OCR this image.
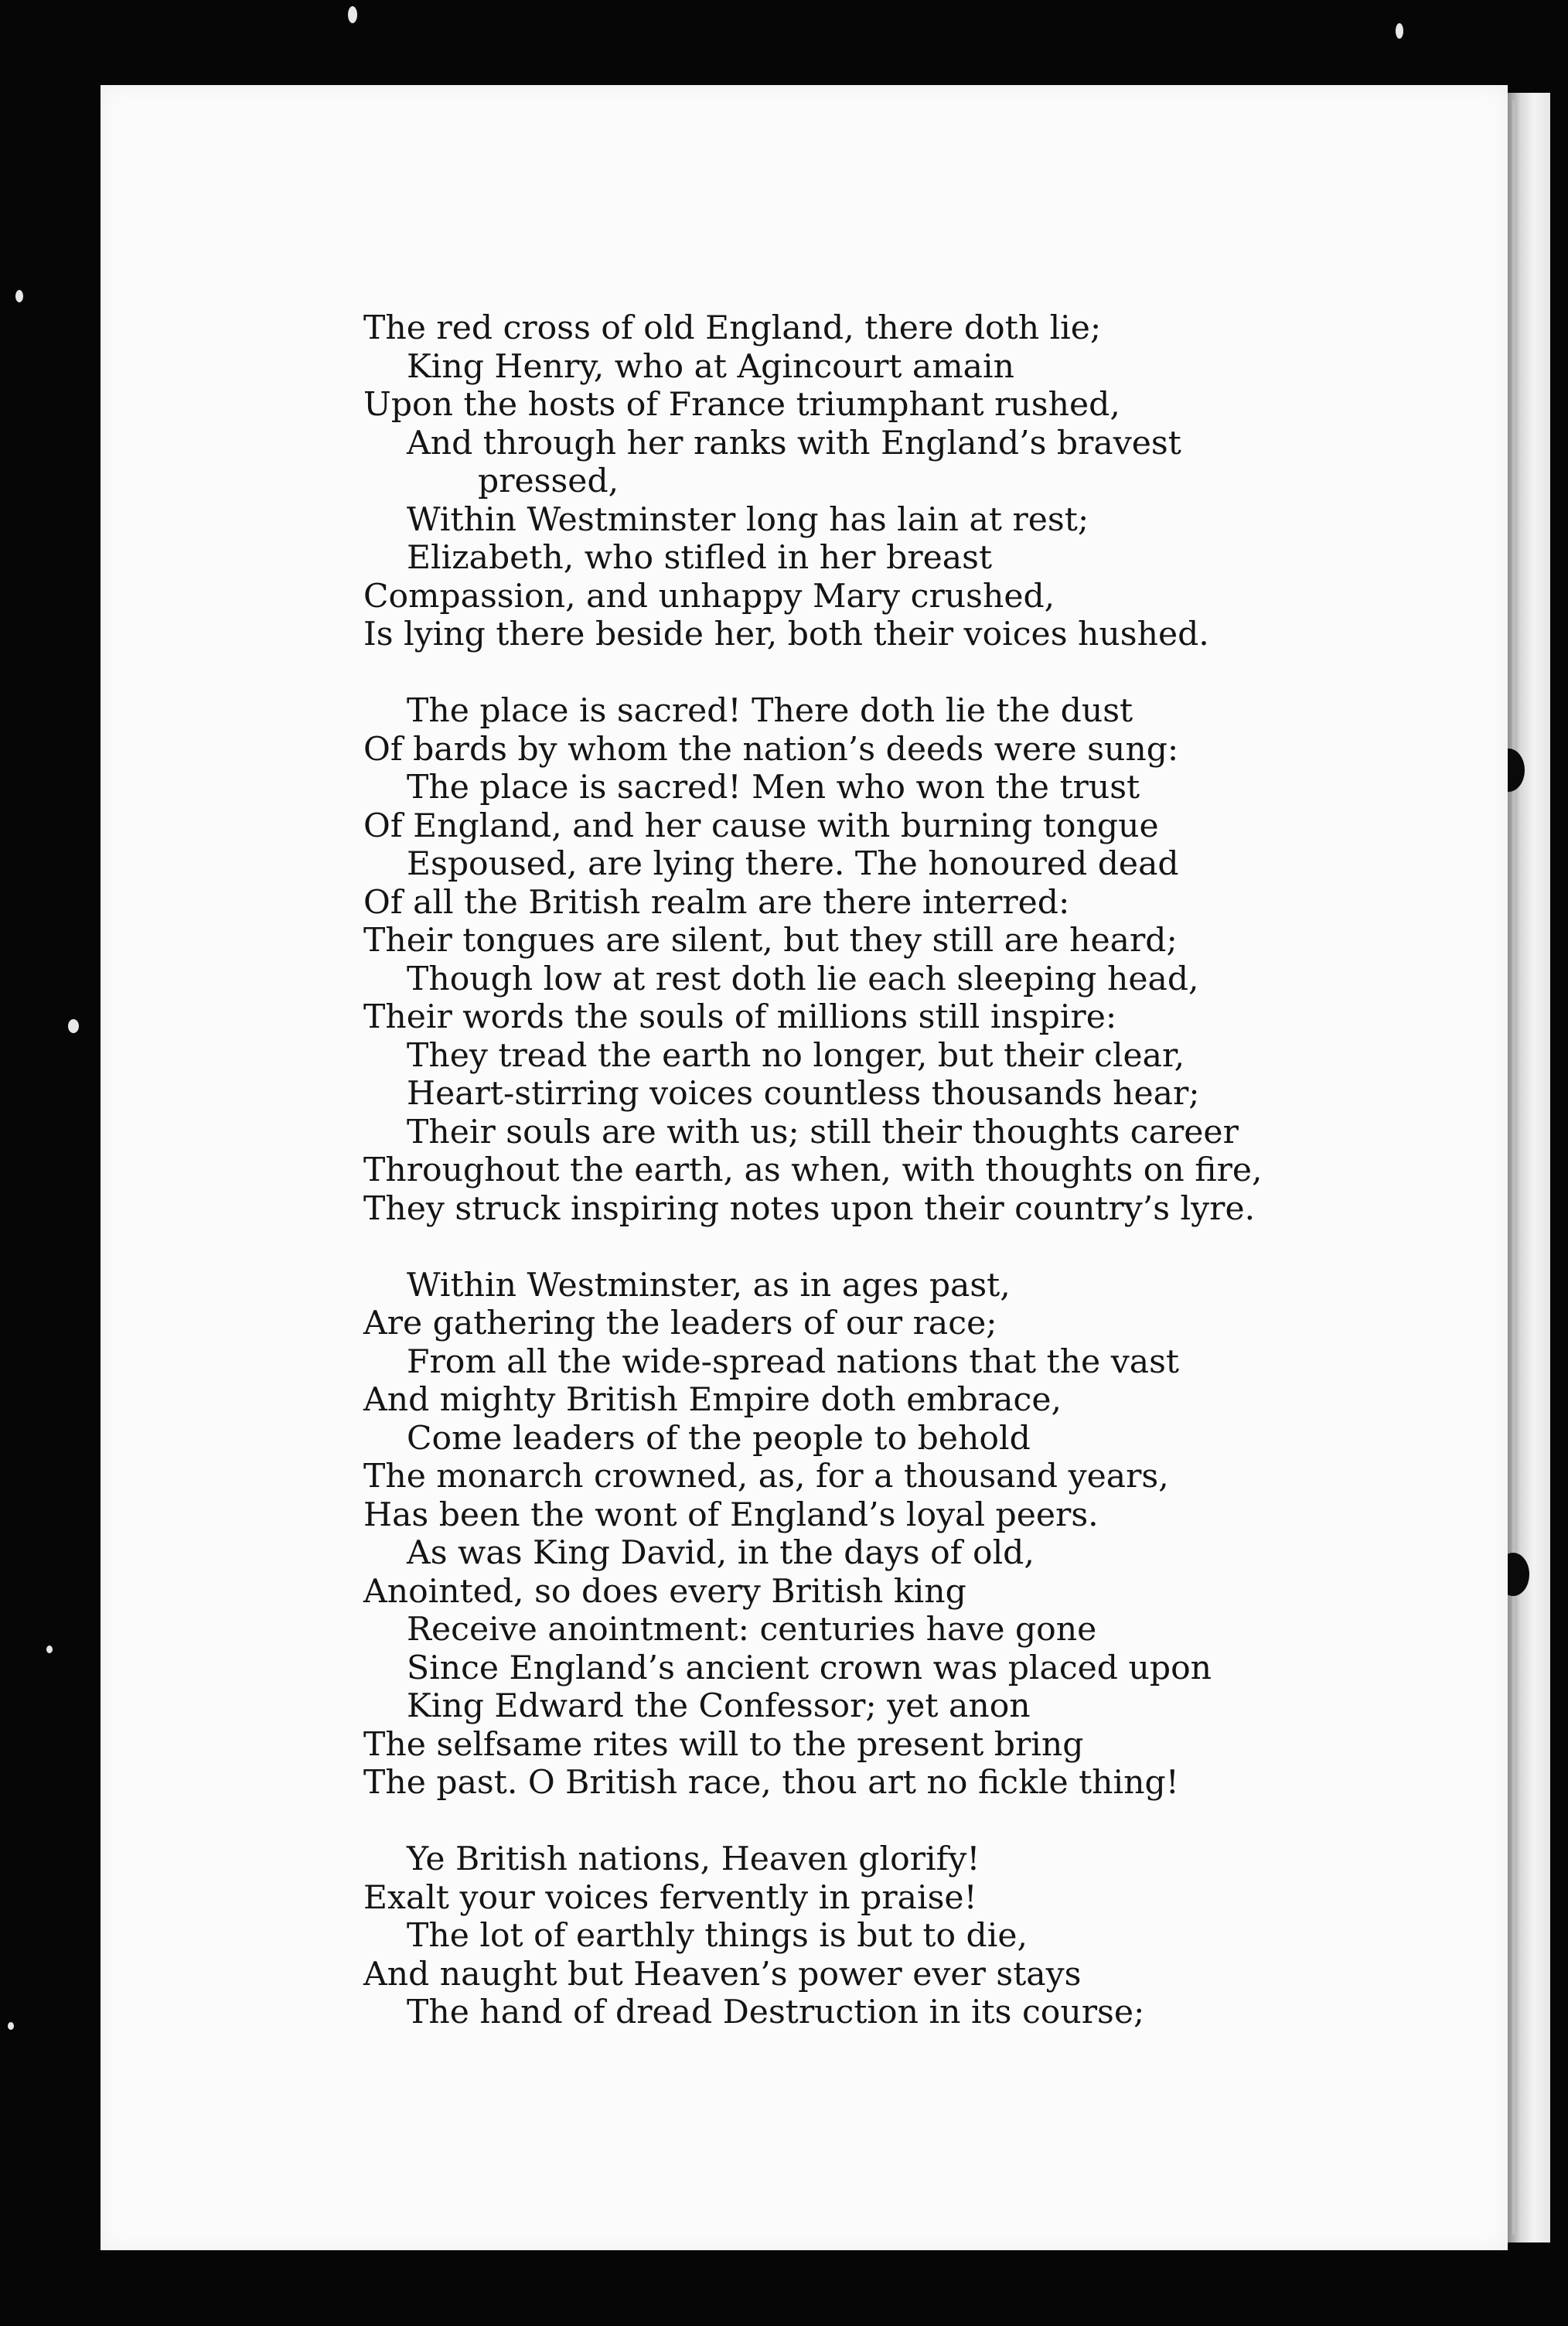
The red cross of old England, there doth lie;
King Henry, who at Agincourt amain
Upon the hosts of France triumphant rushed,
And through her ranks with England’s bravest
pressed,
Within Westminster long has lain at rest;
Elizabeth, who stifled in her breast
Compassion, and unhappy Mary crushed,
Is lying there beside her, both their voices hushed.
The place is sacred! There doth lie the dust
Of bards by whom the nation’s deeds were sung:
The place is sacred! Men who won the trust
Of England, and her cause with burning tongue
Espoused, are lying there. The honoured dead
Of all the British realm are there interred:
Their tongues are silent, but they still are heard;
Though low at rest doth lie each sleeping head,
Their words the souls of millions still inspire:
They tread the earth no longer, but their clear,
Heart-stirring voices countless thousands hear;
Their souls are with us; still their thoughts career
Throughout the earth, as when, with thoughts on fire,
They struck inspiring notes upon their country’s lyre.
Within Westminster, as in ages past,
Are gathering the leaders of our race;
From all the wide-spread nations that the vast
And mighty British Empire doth embrace,
Come leaders of the people to behold
The monarch crowned, as, for a thousand years,
Has been the wont of England’s loyal peers.
As was King David, in the days of old,
Anointed, so does every British king
Receive anointment: centuries have gone
Since England’s ancient crown was placed upon
King Edward the Confessor; yet anon
The selfsame rites will to the present bring
The past. O British race, thou art no fickle thing!
Ye British nations, Heaven glorify!
Exalt your voices fervently in praise!
The lot of earthly things is but to die,
And naught but Heaven’s power ever stays
The hand of dread Destruction in its course;
